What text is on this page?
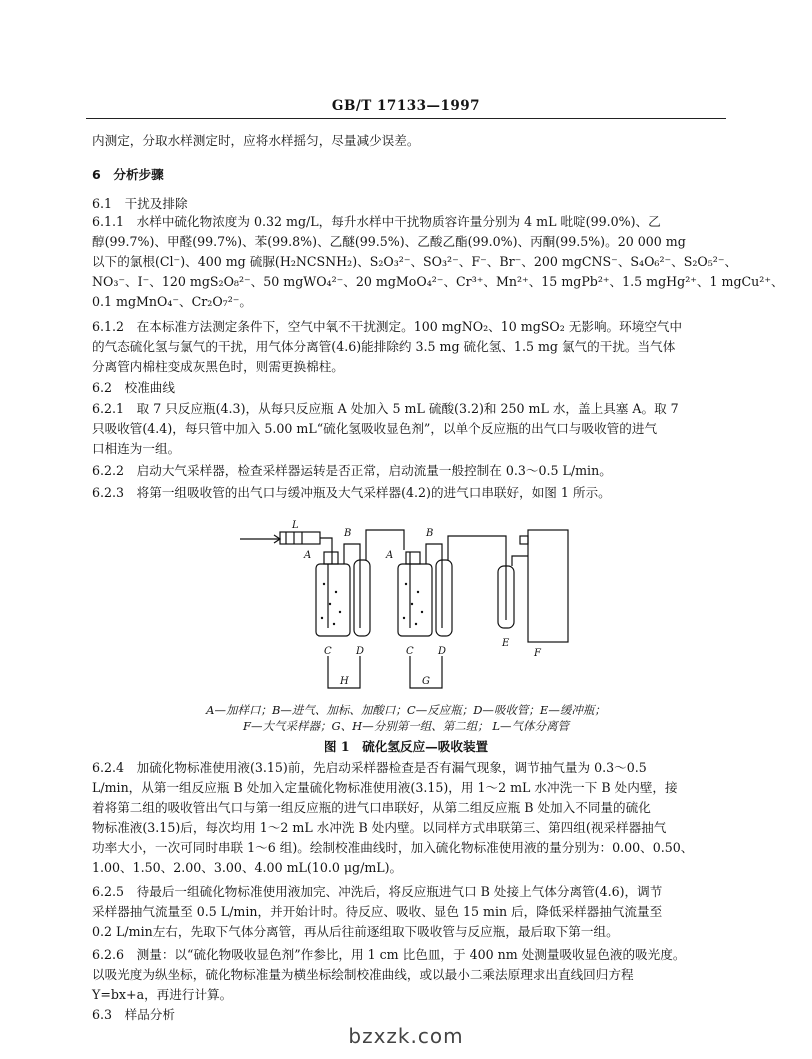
GB/T 17133—1997
内测定，分取水样测定时，应将水样摇匀，尽量减少误差。
6　分析步骤
6.1　干扰及排除
6.1.1　水样中硫化物浓度为 0.32 mg/L，每升水样中干扰物质容许量分别为 4 mL 吡啶(99.0%)、乙
醇(99.7%)、甲醛(99.7%)、苯(99.8%)、乙醚(99.5%)、乙酸乙酯(99.0%)、丙酮(99.5%)。20 000 mg
以下的氯根(Cl⁻)、400 mg 硫脲(H₂NCSNH₂)、S₂O₃²⁻、SO₃²⁻、F⁻、Br⁻、200 mgCNS⁻、S₄O₆²⁻、S₂O₅²⁻、
NO₃⁻、I⁻、120 mgS₂O₈²⁻、50 mgWO₄²⁻、20 mgMoO₄²⁻、Cr³⁺、Mn²⁺、15 mgPb²⁺、1.5 mgHg²⁺、1 mgCu²⁺、
0.1 mgMnO₄⁻、Cr₂O₇²⁻。
6.1.2　在本标准方法测定条件下，空气中氧不干扰测定。100 mgNO₂、10 mgSO₂ 无影响。环境空气中
的气态硫化氢与氯气的干扰，用气体分离管(4.6)能排除约 3.5 mg 硫化氢、1.5 mg 氯气的干扰。当气体
分离管内棉柱变成灰黑色时，则需更换棉柱。
6.2　校准曲线
6.2.1　取 7 只反应瓶(4.3)，从每只反应瓶 A 处加入 5 mL 硫酸(3.2)和 250 mL 水，盖上具塞 A。取 7
只吸收管(4.4)，每只管中加入 5.00 mL“硫化氢吸收显色剂”，以单个反应瓶的出气口与吸收管的进气
口相连为一组。
6.2.2　启动大气采样器，检查采样器运转是否正常，启动流量一般控制在 0.3～0.5 L/min。
6.2.3　将第一组吸收管的出气口与缓冲瓶及大气采样器(4.2)的进气口串联好，如图 1 所示。
L
B
A	A
B
C D	C D
E
F
H	G
A—加样口；B—进气、加标、加酸口；C—反应瓶；D—吸收管；E—缓冲瓶；
F—大气采样器；G、H—分别第一组、第二组； L—气体分离管
图 1　硫化氢反应—吸收装置
6.2.4　加硫化物标准使用液(3.15)前，先启动采样器检查是否有漏气现象，调节抽气量为 0.3～0.5
L/min，从第一组反应瓶 B 处加入定量硫化物标准使用液(3.15)，用 1～2 mL 水冲洗一下 B 处内壁，接
着将第二组的吸收管出气口与第一组反应瓶的进气口串联好，从第二组反应瓶 B 处加入不同量的硫化
物标准液(3.15)后，每次均用 1～2 mL 水冲洗 B 处内壁。以同样方式串联第三、第四组(视采样器抽气
功率大小，一次可同时串联 1～6 组)。绘制校准曲线时，加入硫化物标准使用液的量分别为：0.00、0.50、
1.00、1.50、2.00、3.00、4.00 mL(10.0 μg/mL)。
6.2.5　待最后一组硫化物标准使用液加完、冲洗后，将反应瓶进气口 B 处接上气体分离管(4.6)，调节
采样器抽气流量至 0.5 L/min，并开始计时。待反应、吸收、显色 15 min 后，降低采样器抽气流量至
0.2 L/min左右，先取下气体分离管，再从后往前逐组取下吸收管与反应瓶，最后取下第一组。
6.2.6　测量：以“硫化物吸收显色剂”作参比，用 1 cm 比色皿，于 400 nm 处测量吸收显色液的吸光度。
以吸光度为纵坐标，硫化物标准量为横坐标绘制校准曲线，或以最小二乘法原理求出直线回归方程
Y=bx+a，再进行计算。
6.3　样品分析
bzxzk.com
